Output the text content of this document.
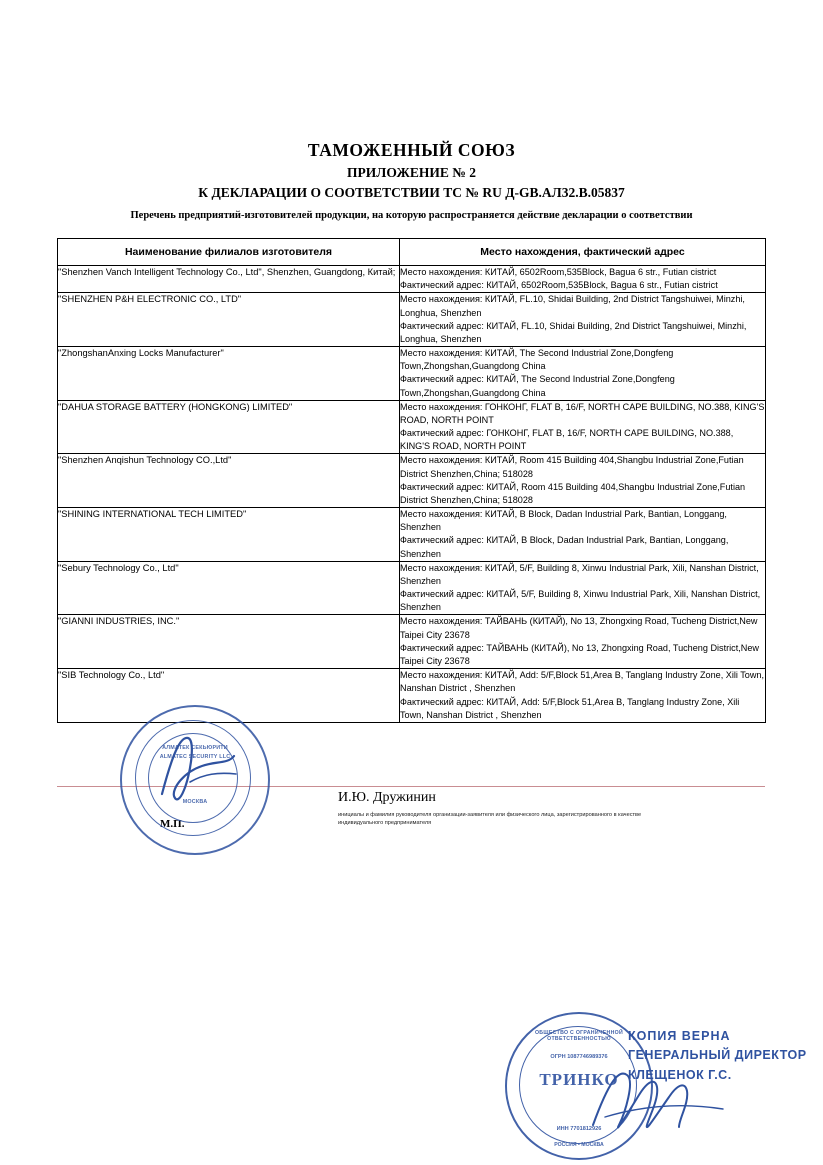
ТАМОЖЕННЫЙ СОЮЗ
ПРИЛОЖЕНИЕ № 2
К ДЕКЛАРАЦИИ О СООТВЕТСТВИИ ТС № RU Д-GB.АЛ32.В.05837
Перечень предприятий-изготовителей продукции, на которую распространяется действие декларации о соответствии
Наименование филиалов изготовителя	Место нахождения, фактический адрес
"Shenzhen Vanch Intelligent Technology Co., Ltd", Shenzhen, Guangdong, Китай;	Место нахождения: КИТАЙ, 6502Room,535Block, Bagua 6 str., Futian cistrict
Фактический адрес: КИТАЙ, 6502Room,535Block, Bagua 6 str., Futian cistrict

"SHENZHEN P&H ELECTRONIC CO., LTD"	Место нахождения: КИТАЙ, FL.10, Shidai Building, 2nd District Tangshuiwei, Minzhi, Longhua, Shenzhen
Фактический адрес: КИТАЙ, FL.10, Shidai Building, 2nd District Tangshuiwei, Minzhi, Longhua, Shenzhen

"ZhongshanAnxing Locks Manufacturer"	Место нахождения: КИТАЙ, The Second Industrial Zone,Dongfeng Town,Zhongshan,Guangdong China
Фактический адрес: КИТАЙ, The Second Industrial Zone,Dongfeng Town,Zhongshan,Guangdong China

"DAHUA STORAGE BATTERY (HONGKONG) LIMITED"	Место нахождения: ГОНКОНГ, FLAT B, 16/F, NORTH CAPE BUILDING, NO.388, KING'S ROAD, NORTH POINT
Фактический адрес: ГОНКОНГ, FLAT B, 16/F, NORTH CAPE BUILDING, NO.388, KING'S ROAD, NORTH POINT

"Shenzhen Anqishun Technology CO.,Ltd"	Место нахождения: КИТАЙ, Room 415 Building 404,Shangbu Industrial Zone,Futian District Shenzhen,China; 518028
Фактический адрес: КИТАЙ, Room 415 Building 404,Shangbu Industrial Zone,Futian District Shenzhen,China; 518028

"SHINING INTERNATIONAL TECH LIMITED"	Место нахождения: КИТАЙ, B Block, Dadan Industrial Park, Bantian, Longgang, Shenzhen
Фактический адрес: КИТАЙ, B Block, Dadan Industrial Park, Bantian, Longgang, Shenzhen

"Sebury Technology Co., Ltd"	Место нахождения: КИТАЙ, 5/F, Building 8, Xinwu Industrial Park, Xili, Nanshan District, Shenzhen
Фактический адрес: КИТАЙ, 5/F, Building 8, Xinwu Industrial Park, Xili, Nanshan District, Shenzhen

"GIANNI INDUSTRIES, INC."	Место нахождения: ТАЙВАНЬ (КИТАЙ), No 13, Zhongxing Road, Tucheng District,New Taipei City 23678
Фактический адрес: ТАЙВАНЬ (КИТАЙ), No 13, Zhongxing Road, Tucheng District,New Taipei City 23678

"SIB Technology Co., Ltd"	Место нахождения: КИТАЙ, Add: 5/F,Block 51,Area B, Tanglang Industry Zone, Xili Town, Nanshan District , Shenzhen
Фактический адрес: КИТАЙ, Add: 5/F,Block 51,Area B, Tanglang Industry Zone, Xili Town, Nanshan District , Shenzhen
И.Ю. Дружинин
инициалы и фамилия руководителя организации-заявителя или физического лица, зарегистрированного в качестве индивидуального предпринимателя
М.П.
АЛМАТЕК СЕКЬЮРИТИ
ALMATEC SECURITY LLC
МОСКВА
ОБЩЕСТВО С ОГРАНИЧЕННОЙ ОТВЕТСТВЕННОСТЬЮ
ОГРН 1087746989376
ТРИНКО
ИНН 7701812926
РОССИЯ • МОСКВА
КОПИЯ ВЕРНА
ГЕНЕРАЛЬНЫЙ ДИРЕКТОР
КЛЕЩЕНОК Г.С.
